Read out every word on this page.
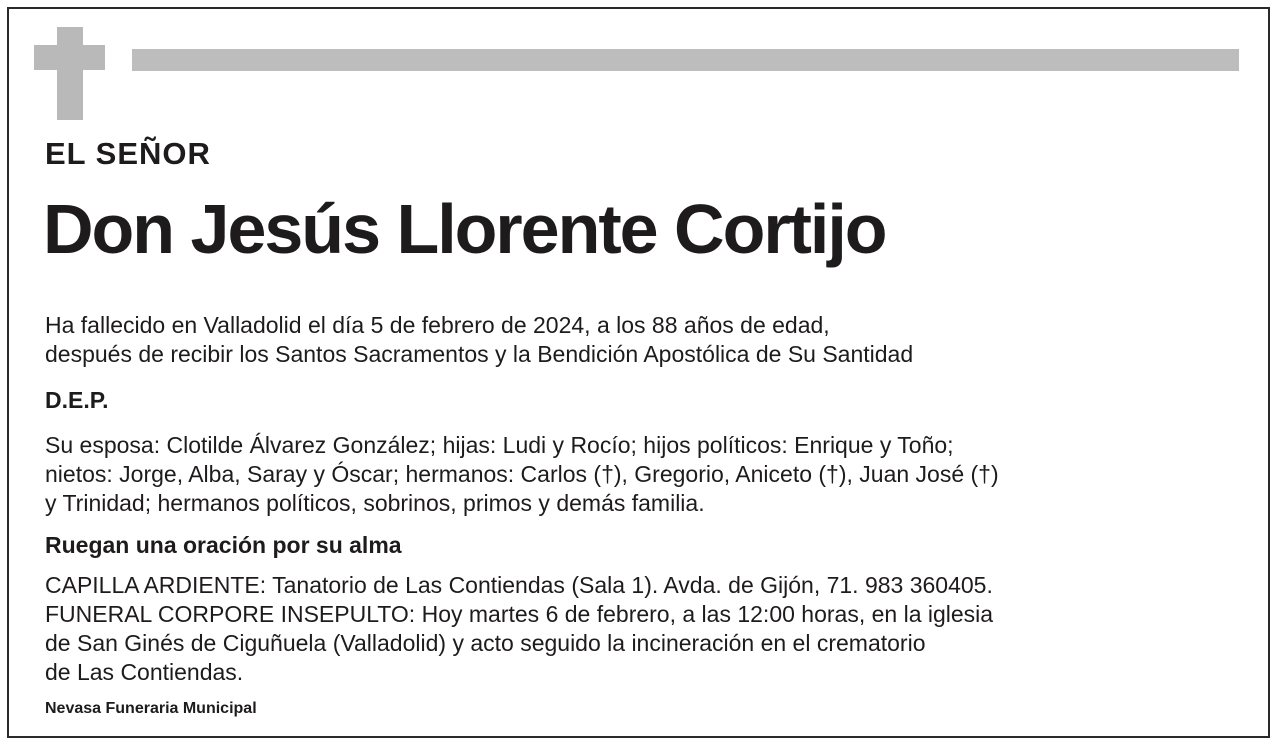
EL SEÑOR
Don Jesús Llorente Cortijo

Ha fallecido en Valladolid el día 5 de febrero de 2024, a los 88 años de edad,
después de recibir los Santos Sacramentos y la Bendición Apostólica de Su Santidad

D.E.P.

Su esposa: Clotilde Álvarez González; hijas: Ludi y Rocío; hijos políticos: Enrique y Toño;
nietos: Jorge, Alba, Saray y Óscar; hermanos: Carlos (†), Gregorio, Aniceto (†), Juan José (†)
y Trinidad; hermanos políticos, sobrinos, primos y demás familia.

Ruegan una oración por su alma

CAPILLA ARDIENTE: Tanatorio de Las Contiendas (Sala 1). Avda. de Gijón, 71. 983 360405.
FUNERAL CORPORE INSEPULTO: Hoy martes 6 de febrero, a las 12:00 horas, en la iglesia
de San Ginés de Ciguñuela (Valladolid) y acto seguido la incineración en el crematorio
de Las Contiendas.

Nevasa Funeraria Municipal
